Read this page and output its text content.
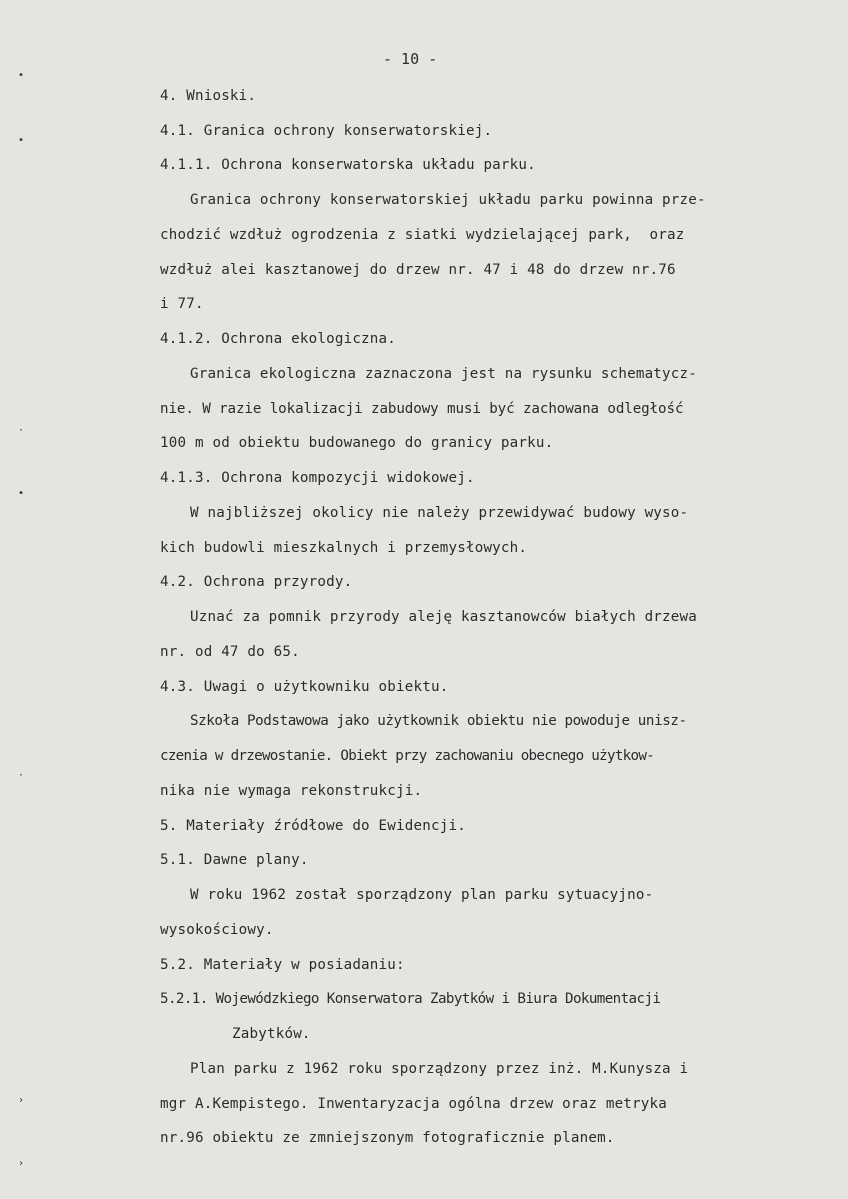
- 10 -
4. Wnioski.
4.1. Granica ochrony konserwatorskiej.
4.1.1. Ochrona konserwatorska układu parku.
Granica ochrony konserwatorskiej układu parku powinna prze-
chodzić wzdłuż ogrodzenia z siatki wydzielającej park,  oraz
wzdłuż alei kasztanowej do drzew nr. 47 i 48 do drzew nr.76
i 77.
4.1.2. Ochrona ekologiczna.
Granica ekologiczna zaznaczona jest na rysunku schematycz-
nie. W razie lokalizacji zabudowy musi być zachowana odległość
100 m od obiektu budowanego do granicy parku.
4.1.3. Ochrona kompozycji widokowej.
W najbliższej okolicy nie należy przewidywać budowy wyso-
kich budowli mieszkalnych i przemysłowych.
4.2. Ochrona przyrody.
Uznać za pomnik przyrody aleję kasztanowców białych drzewa
nr. od 47 do 65.
4.3. Uwagi o użytkowniku obiektu.
Szkoła Podstawowa jako użytkownik obiektu nie powoduje unisz-
czenia w drzewostanie. Obiekt przy zachowaniu obecnego użytkow-
nika nie wymaga rekonstrukcji.
5. Materiały źródłowe do Ewidencji.
5.1. Dawne plany.
W roku 1962 został sporządzony plan parku sytuacyjno-
wysokościowy.
5.2. Materiały w posiadaniu:
5.2.1. Wojewódzkiego Konserwatora Zabytków i Biura Dokumentacji
Zabytków.
Plan parku z 1962 roku sporządzony przez inż. M.Kunysza i
mgr A.Kempistego. Inwentaryzacja ogólna drzew oraz metryka
nr.96 obiektu ze zmniejszonym fotograficznie planem.
•
•
·
•
·
›
›
